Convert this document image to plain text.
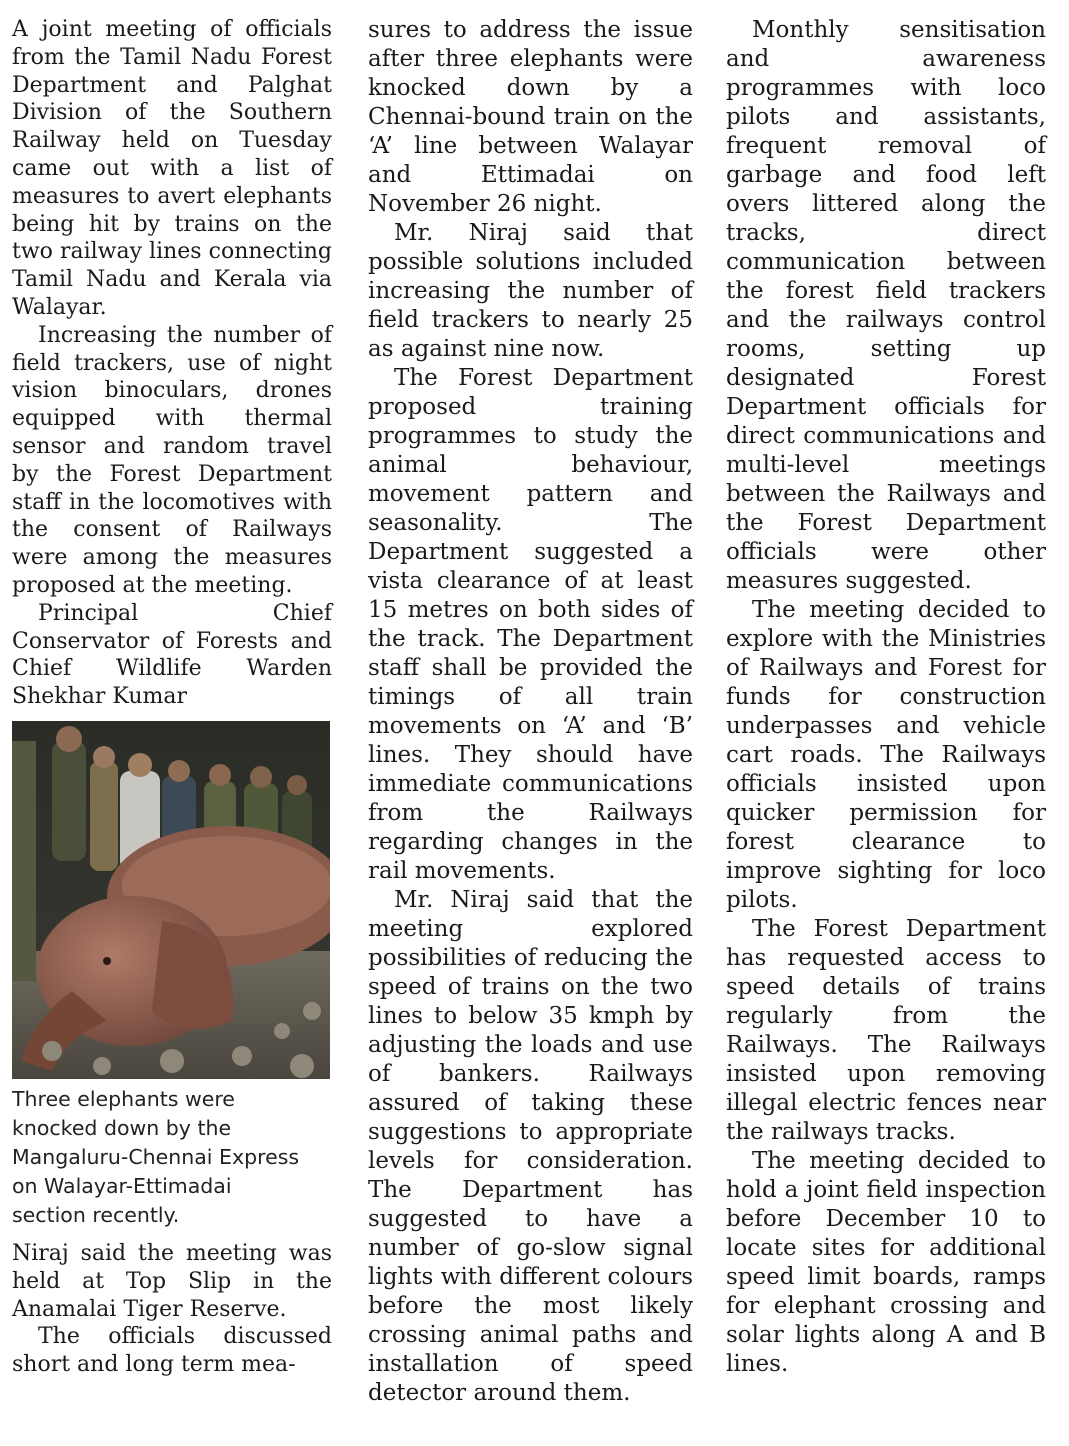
A joint meeting of officials from the Tamil Nadu Forest Department and Palghat Division of the Southern Railway held on Tuesday came out with a list of measures to avert elephants being hit by trains on the two railway lines connecting Tamil Nadu and Kerala via Walayar.

Increasing the number of field trackers, use of night vision binoculars, drones equipped with thermal sensor and random travel by the Forest Department staff in the locomotives with the consent of Railways were among the measures proposed at the meeting.

Principal Chief Conservator of Forests and Chief Wildlife Warden Shekhar Kumar

Three elephants were
knocked down by the
Mangaluru-Chennai Express
on Walayar-Ettimadai
section recently.

Niraj said the meeting was held at Top Slip in the Anamalai Tiger Reserve.

The officials discussed short and long term mea-

sures to address the issue after three elephants were knocked down by a Chennai-bound train on the ‘A’ line between Walayar and Ettimadai on November 26 night.

Mr. Niraj said that possible solutions included increasing the number of field trackers to nearly 25 as against nine now.

The Forest Department proposed training programmes to study the animal behaviour, movement pattern and seasonality. The Department suggested a vista clearance of at least 15 metres on both sides of the track. The Department staff shall be provided the timings of all train movements on ‘A’ and ‘B’ lines. They should have immediate communications from the Railways regarding changes in the rail movements.

Mr. Niraj said that the meeting explored possibilities of reducing the speed of trains on the two lines to below 35 kmph by adjusting the loads and use of bankers. Railways assured of taking these suggestions to appropriate levels for consideration. The Department has suggested to have a number of go-slow signal lights with different colours before the most likely crossing animal paths and installation of speed detector around them.

Monthly sensitisation and awareness programmes with loco pilots and assistants, frequent removal of garbage and food left overs littered along the tracks, direct communication between the forest field trackers and the railways control rooms, setting up designated Forest Department officials for direct communications and multi-level meetings between the Railways and the Forest Department officials were other measures suggested.

The meeting decided to explore with the Ministries of Railways and Forest for funds for construction underpasses and vehicle cart roads. The Railways officials insisted upon quicker permission for forest clearance to improve sighting for loco pilots.

The Forest Department has requested access to speed details of trains regularly from the Railways. The Railways insisted upon removing illegal electric fences near the railways tracks.

The meeting decided to hold a joint field inspection before December 10 to locate sites for additional speed limit boards, ramps for elephant crossing and solar lights along A and B lines.
